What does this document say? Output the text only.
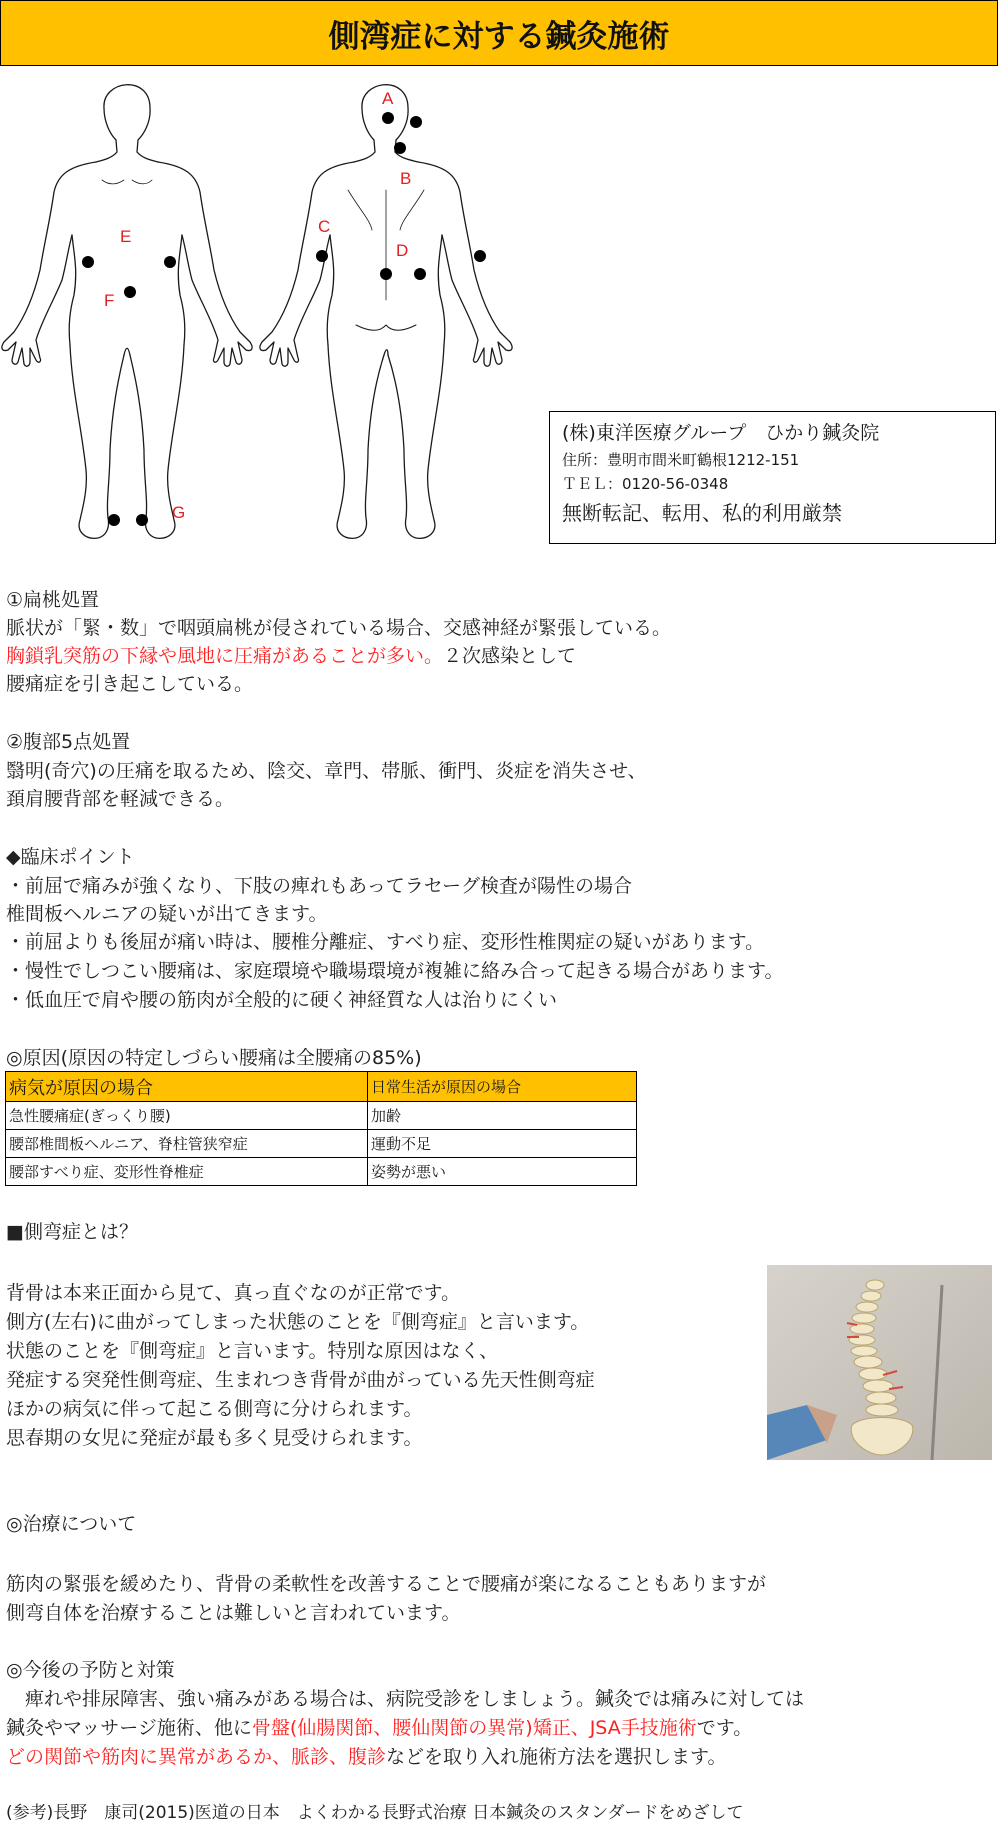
側湾症に対する鍼灸施術
A
B
C
D
E
F
G
(株)東洋医療グループ　ひかり鍼灸院
住所：豊明市間米町鶴根1212-151
ＴＥＬ：0120-56-0348
無断転記、転用、私的利用厳禁
①扁桃処置
脈状が「緊・数」で咽頭扁桃が侵されている場合、交感神経が緊張している。
胸鎖乳突筋の下縁や風地に圧痛があることが多い。２次感染として
腰痛症を引き起こしている。
②腹部5点処置
翳明(奇穴)の圧痛を取るため、陰交、章門、帯脈、衝門、炎症を消失させ、
頚肩腰背部を軽減できる。
◆臨床ポイント
・前屈で痛みが強くなり、下肢の痺れもあってラセーグ検査が陽性の場合
椎間板ヘルニアの疑いが出てきます。
・前屈よりも後屈が痛い時は、腰椎分離症、すべり症、変形性椎関症の疑いがあります。
・慢性でしつこい腰痛は、家庭環境や職場環境が複雑に絡み合って起きる場合があります。
・低血圧で肩や腰の筋肉が全般的に硬く神経質な人は治りにくい
◎原因(原因の特定しづらい腰痛は全腰痛の85%)
病気が原因の場合	日常生活が原因の場合
急性腰痛症(ぎっくり腰)	加齢
腰部椎間板ヘルニア、脊柱管狭窄症	運動不足
腰部すべり症、変形性脊椎症	姿勢が悪い
■側弯症とは？
背骨は本来正面から見て、真っ直ぐなのが正常です。
側方(左右)に曲がってしまった状態のことを『側弯症』と言います。
状態のことを『側弯症』と言います。特別な原因はなく、
発症する突発性側弯症、生まれつき背骨が曲がっている先天性側弯症
ほかの病気に伴って起こる側弯に分けられます。
思春期の女児に発症が最も多く見受けられます。
◎治療について
筋肉の緊張を緩めたり、背骨の柔軟性を改善することで腰痛が楽になることもありますが
側弯自体を治療することは難しいと言われています。
◎今後の予防と対策
　痺れや排尿障害、強い痛みがある場合は、病院受診をしましょう。鍼灸では痛みに対しては
鍼灸やマッサージ施術、他に骨盤(仙腸関節、腰仙関節の異常)矯正、JSA手技施術です。
どの関節や筋肉に異常があるか、脈診、腹診などを取り入れ施術方法を選択します。
(参考)長野　康司(2015)医道の日本　よくわかる長野式治療 日本鍼灸のスタンダードをめざして
